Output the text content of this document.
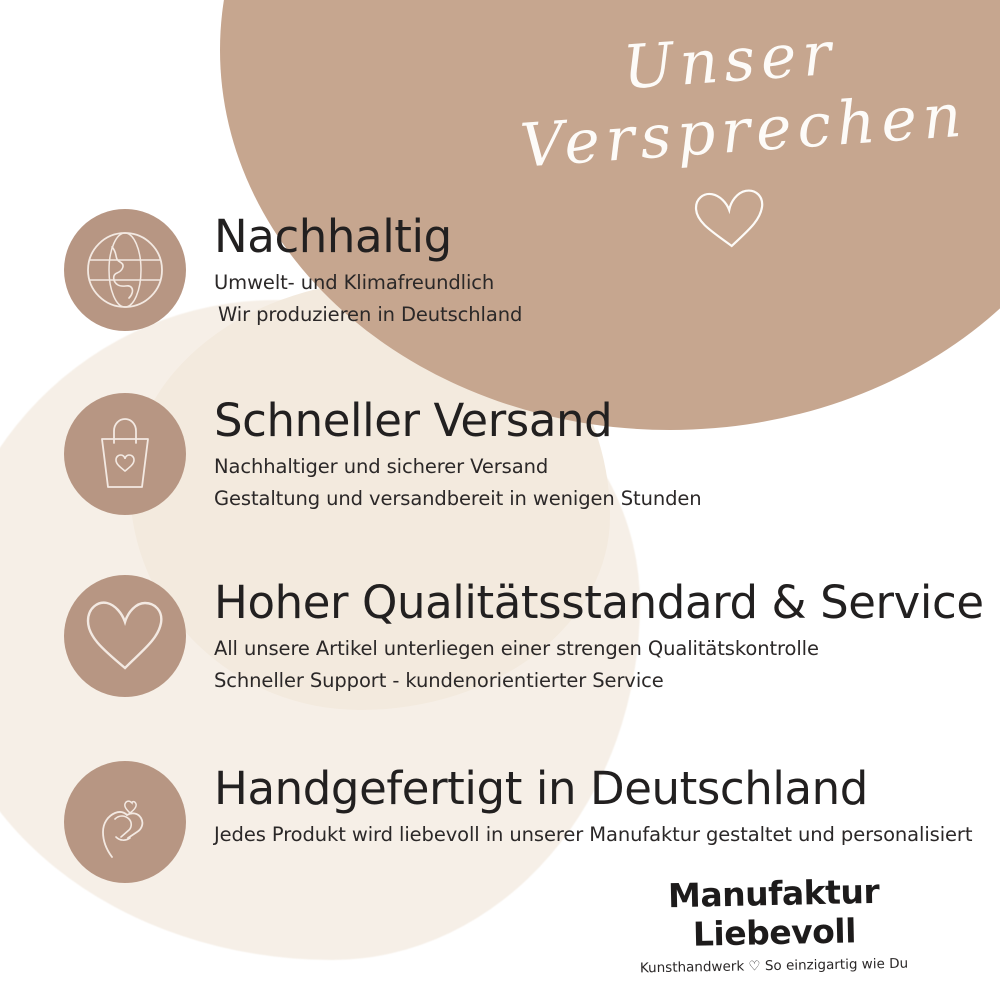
Unser
Versprechen
Nachhaltig
Umwelt- und Klimafreundlich
Wir produzieren in Deutschland
Schneller Versand
Nachhaltiger und sicherer Versand
Gestaltung und versandbereit in wenigen Stunden
Hoher Qualitätsstandard & Service
All unsere Artikel unterliegen einer strengen Qualitätskontrolle
Schneller Support - kundenorientierter Service
Handgefertigt in Deutschland
Jedes Produkt wird liebevoll in unserer Manufaktur gestaltet und personalisiert
Manufaktur Liebevoll
Kunsthandwerk ♡ So einzigartig wie Du
